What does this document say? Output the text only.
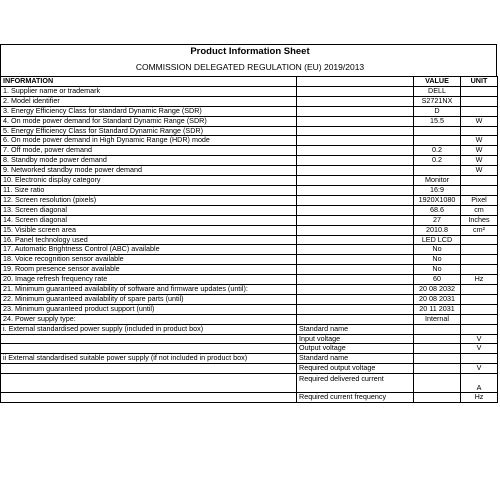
Product Information Sheet
COMMISSION DELEGATED REGULATION (EU) 2019/2013
INFORMATION		VALUE	UNIT
1. Supplier name or trademark		DELL	
2. Model identifier		S2721NX	
3. Energy Efficiency Class for standard Dynamic Range (SDR)		D	
4. On mode power demand for Standard Dynamic Range (SDR)		15.5	W
5. Energy Efficiency Class for Standard Dynamic Range (SDR)			
6. On mode power demand in High Dynamic Range (HDR) mode			W
7. Off mode, power demand		0.2	W
8. Standby mode power demand		0.2	W
9. Networked standby mode power demand			W
10. Electronic display category		Monitor	
11. Size ratio		16:9	
12. Screen resolution (pixels)		1920X1080	Pixel
13. Screen diagonal		68.6	cm
14. Screen diagonal		27	Inches
15. Visible screen area		2010.8	cm²
16. Panel technology used		LED LCD	
17. Automatic Brightness Control (ABC) available		No	
18. Voice recognition sensor available		No	
19. Room presence sensor available		No	
20. Image refresh frequency rate		60	Hz
21. Minimum guaranteed availability of software and firmware updates (until):		20 08 2032	
22. Minimum guaranteed availability of spare parts (until)		20 08 2031	
23. Minimum guaranteed product support (until)		20 11 2031	
24. Power supply type:		Internal	
i. External standardised power supply (included in product box)	Standard name		
	Input voltage		V
	Output voltage		V
ii External standardised suitable power supply (if not included in product box)	Standard name		
	Required output voltage		V
	Required delivered current		A
	Required current frequency		Hz
